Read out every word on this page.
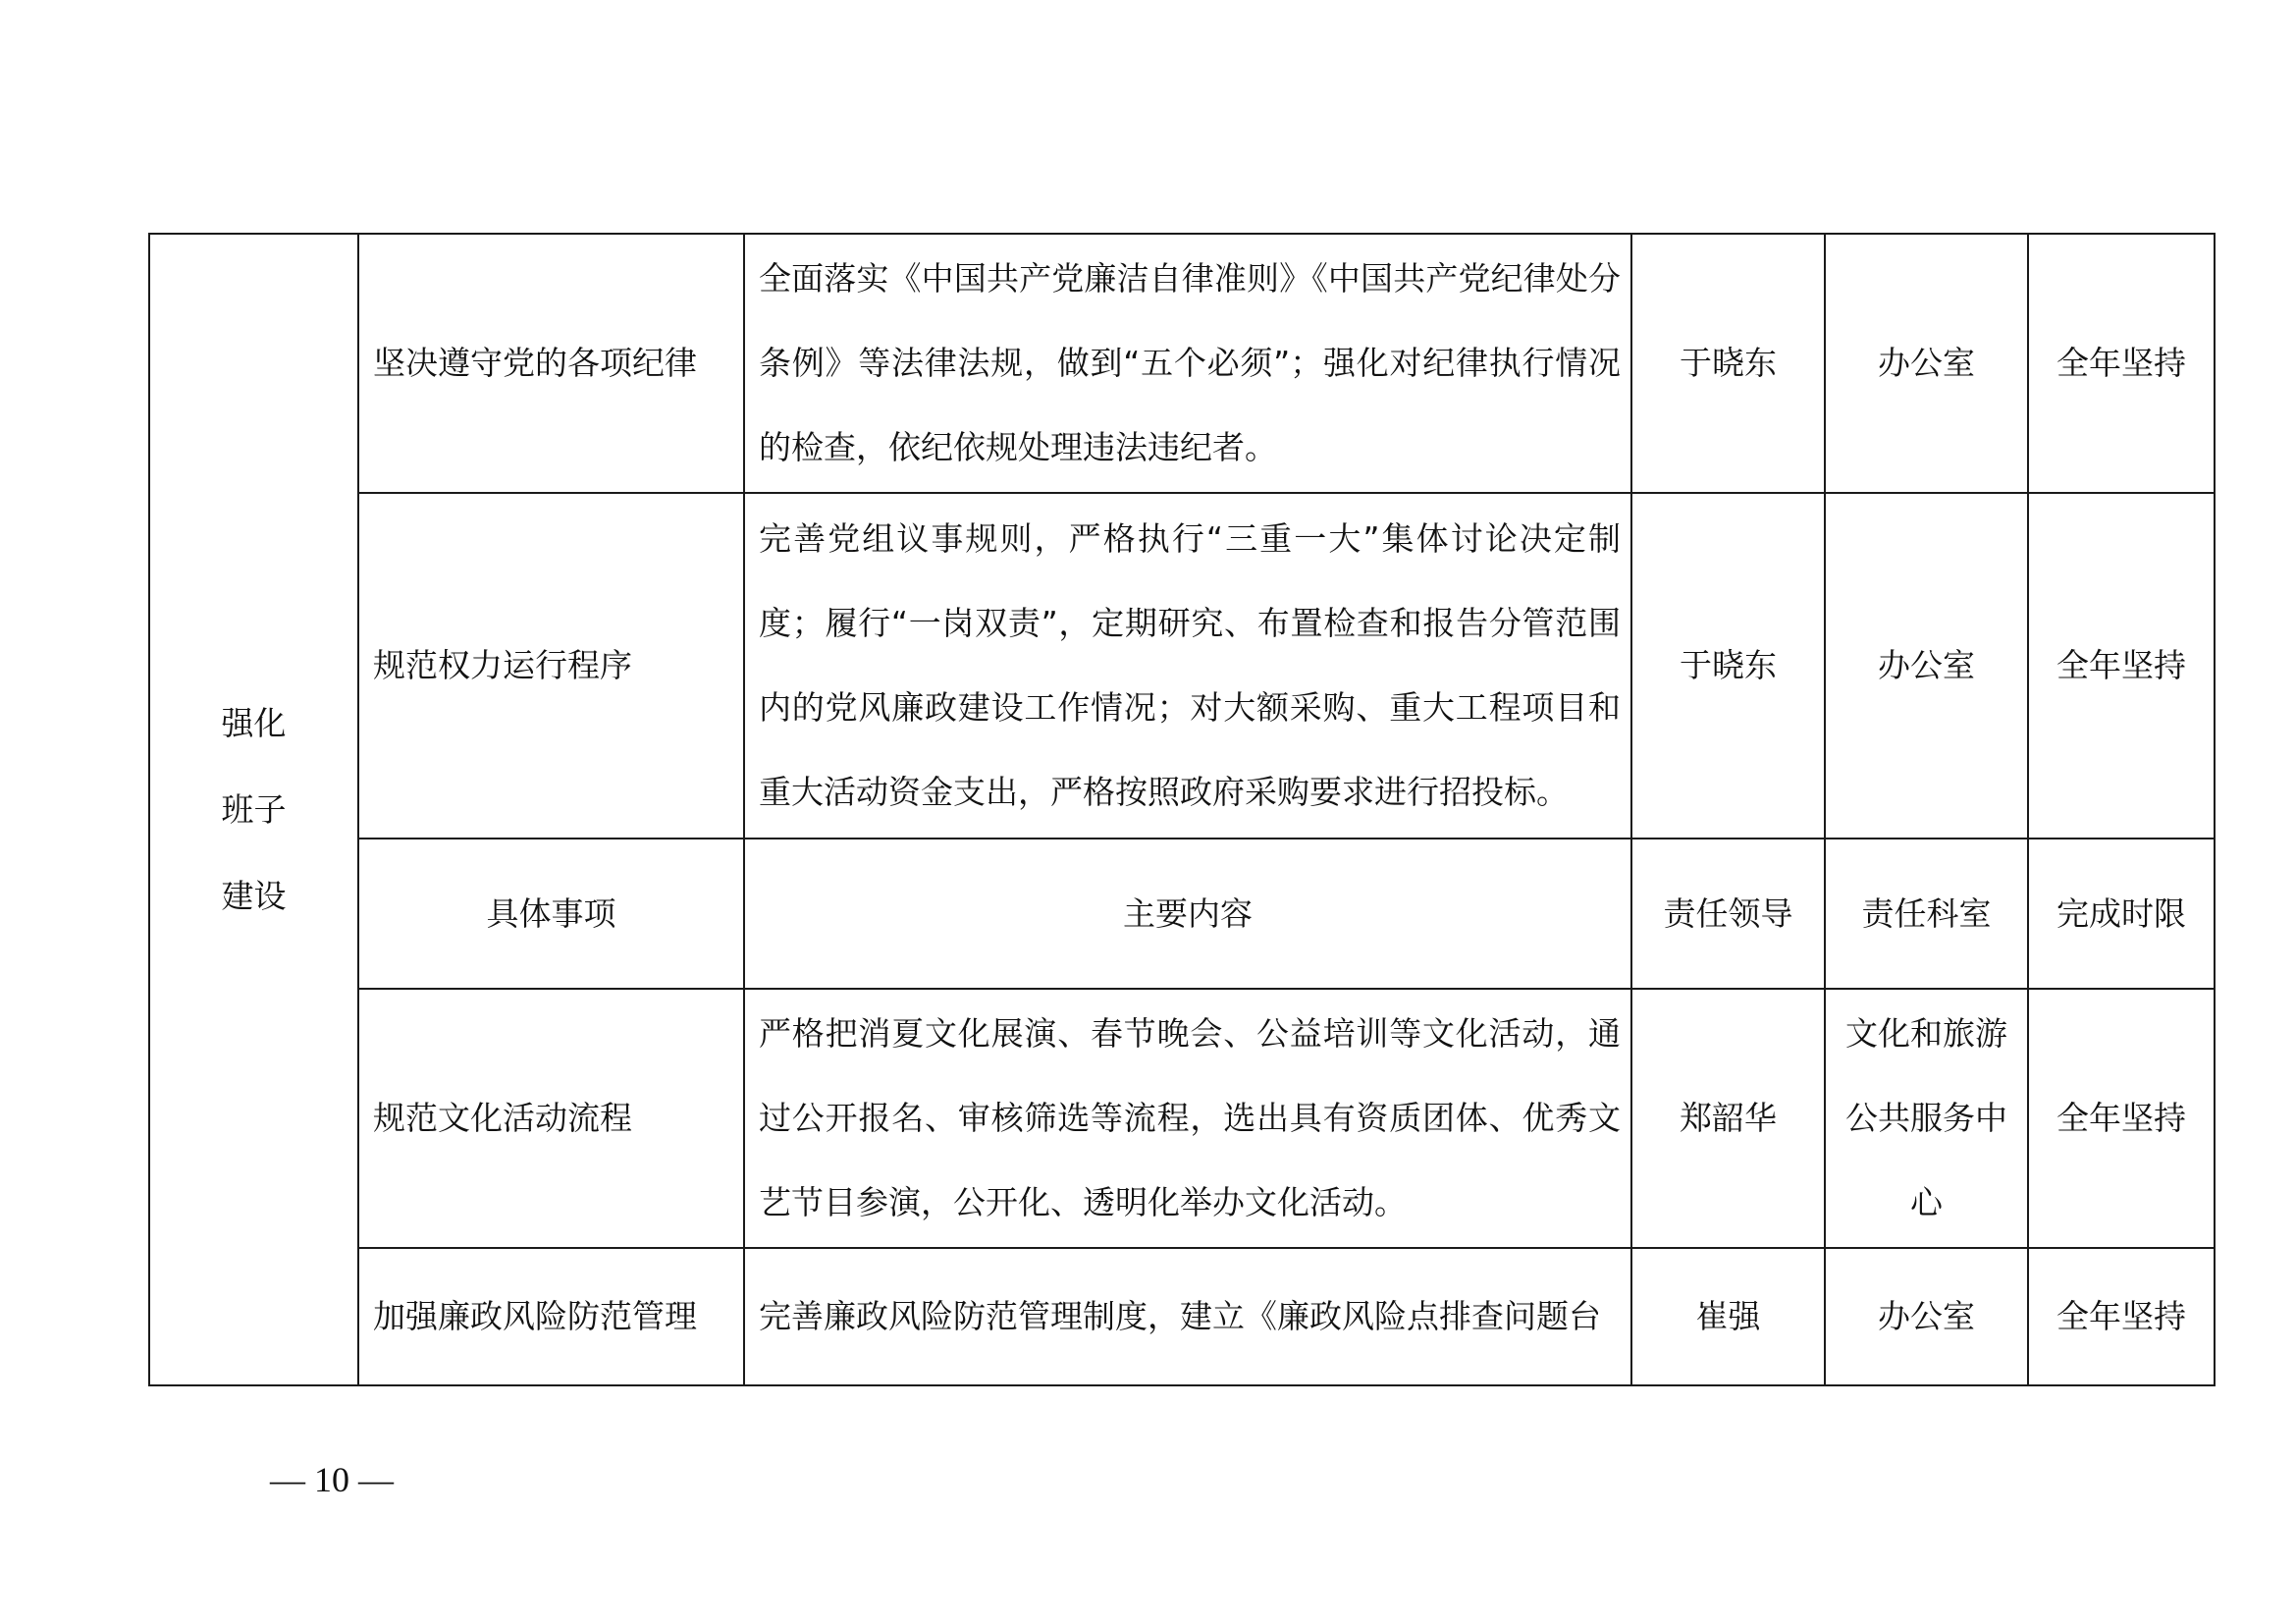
强化
班子
建设	坚决遵守党的各项纪律	全面落实《中国共产党廉洁自律准则》《中国共产党纪律处分条例》等法律法规，做到“五个必须”；强化对纪律执行情况的检查，依纪依规处理违法违纪者。	于晓东	办公室	全年坚持
	规范权力运行程序	完善党组议事规则，严格执行“三重一大”集体讨论决定制度；履行“一岗双责”，定期研究、布置检查和报告分管范围内的党风廉政建设工作情况；对大额采购、重大工程项目和重大活动资金支出，严格按照政府采购要求进行招投标。	于晓东	办公室	全年坚持
	具体事项	主要内容	责任领导	责任科室	完成时限
	规范文化活动流程	严格把消夏文化展演、春节晚会、公益培训等文化活动，通过公开报名、审核筛选等流程，选出具有资质团体、优秀文艺节目参演，公开化、透明化举办文化活动。	郑韶华	文化和旅游公共服务中心	全年坚持
	加强廉政风险防范管理	完善廉政风险防范管理制度，建立《廉政风险点排查问题台	崔强	办公室	全年坚持
— 10 —
